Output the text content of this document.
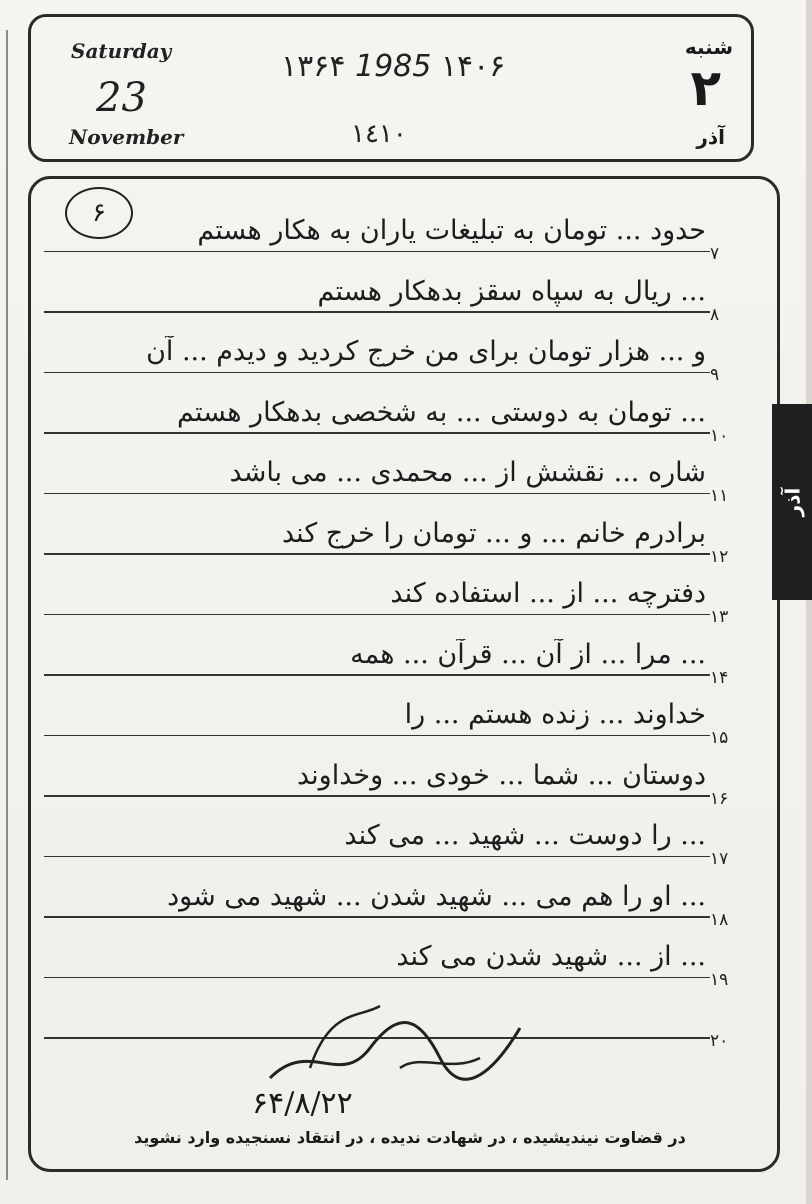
Saturday
23
November
۱۳۶۴ 1985 ۱۴۰۶
۱٤۱۰
شنبه
۲
آذر
۶
حدود ... تومان به تبلیغات یاران به هکار هستم
۷
... ریال به سپاه سقز بدهکار هستم
۸
و ... هزار تومان برای من خرج کردید و دیدم ... آن
۹
... تومان به دوستی ... به شخصی بدهکار هستم
۱۰
شاره ... نقشش از ... محمدی ... می باشد
۱۱
برادرم خانم ... و ... تومان را خرج کند
۱۲
دفترچه ... از ... استفاده کند
۱۳
... مرا ... از آن ... قرآن ... همه
۱۴
خداوند ... زنده هستم ... را
۱۵
دوستان ... شما ... خودی ... وخداوند
۱۶
... را دوست ... شهید ... می کند
۱۷
... او را هم می ... شهید شدن ... شهید می شود
۱۸
... از ... شهید شدن می کند
۱۹
۲۰
۶۴/۸/۲۲
در قضاوت نیندیشیده ، در شهادت ندیده ، در انتقاد نسنجیده وارد نشوید
آذر
